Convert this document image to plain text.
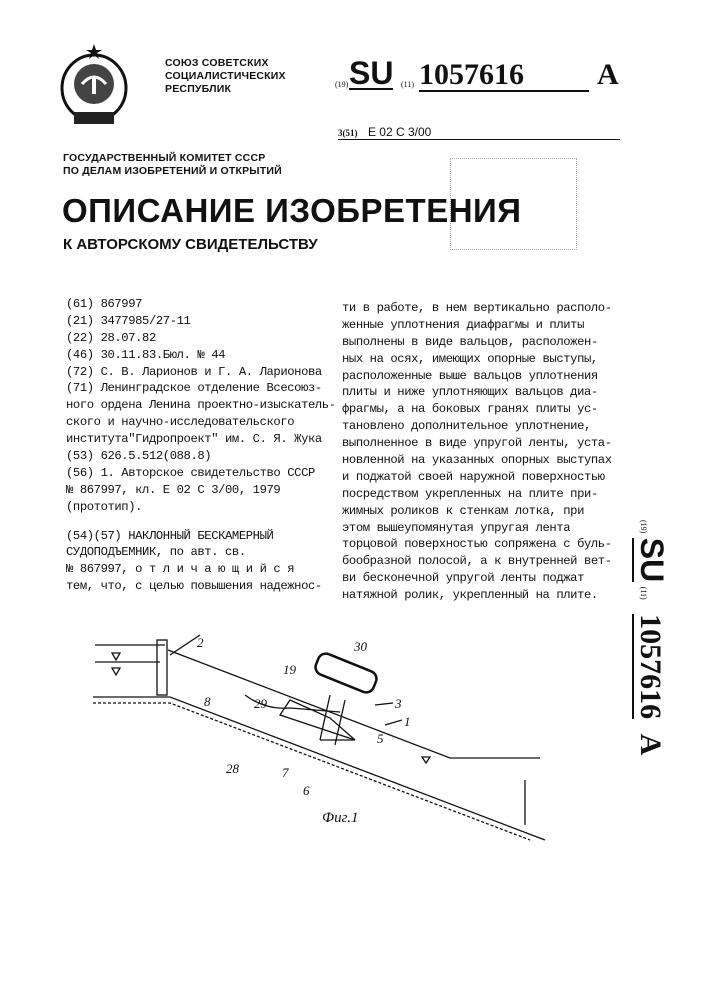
СОЮЗ СОВЕТСКИХ
СОЦИАЛИСТИЧЕСКИХ
РЕСПУБЛИК	(19) SU (11) 1057616	A
3(51) E 02 C 3/00
ГОСУДАРСТВЕННЫЙ КОМИТЕТ СССР
ПО ДЕЛАМ ИЗОБРЕТЕНИЙ И ОТКРЫТИЙ
ОПИСАНИЕ ИЗОБРЕТЕНИЯ
К АВТОРСКОМУ СВИДЕТЕЛЬСТВУ
(61) 867997
(21) 3477985/27-11
(22) 28.07.82
(46) 30.11.83.Бюл. № 44
(72) С. В. Ларионов и Г. А. Ларионова
(71) Ленинградское отделение Всесоюз-
ного ордена Ленина проектно-изыскатель-
ского и научно-исследовательского
института"Гидропроект" им. С. Я. Жука
(53) 626.5.512(088.8)
(56) 1. Авторское свидетельство СССР
№ 867997, кл. E 02 C 3/00, 1979
(прототип).
(54)(57) НАКЛОННЫЙ БЕСКАМЕРНЫЙ
СУДОПОДЪЕМНИК, по авт. св.
№ 867997, о т л и ч а ю щ и й с я
тем, что, с целью повышения надежнос-
ти в работе, в нем вертикально располо-
женные уплотнения диафрагмы и плиты
выполнены в виде вальцов, расположен-
ных на осях, имеющих опорные выступы,
расположенные выше вальцов уплотнения
плиты и ниже уплотняющих вальцов диа-
фрагмы, а на боковых гранях плиты ус-
тановлено дополнительное уплотнение,
выполненное в виде упругой ленты, уста-
новленной на указанных опорных выступах
и поджатой своей наружной поверхностью
посредством укрепленных на плите при-
жимных роликов к стенкам лотка, при
этом вышеупомянутая упругая лента
торцовой поверхностью сопряжена с буль-
бообразной полосой, а к внутренней вет-
ви бесконечной упругой ленты поджат
натяжной ролик, укрепленный на плите.
(19) SU (11) 1057616 A
2
19
30
3
1
29
5
8
28	7
6
Фиг.1
